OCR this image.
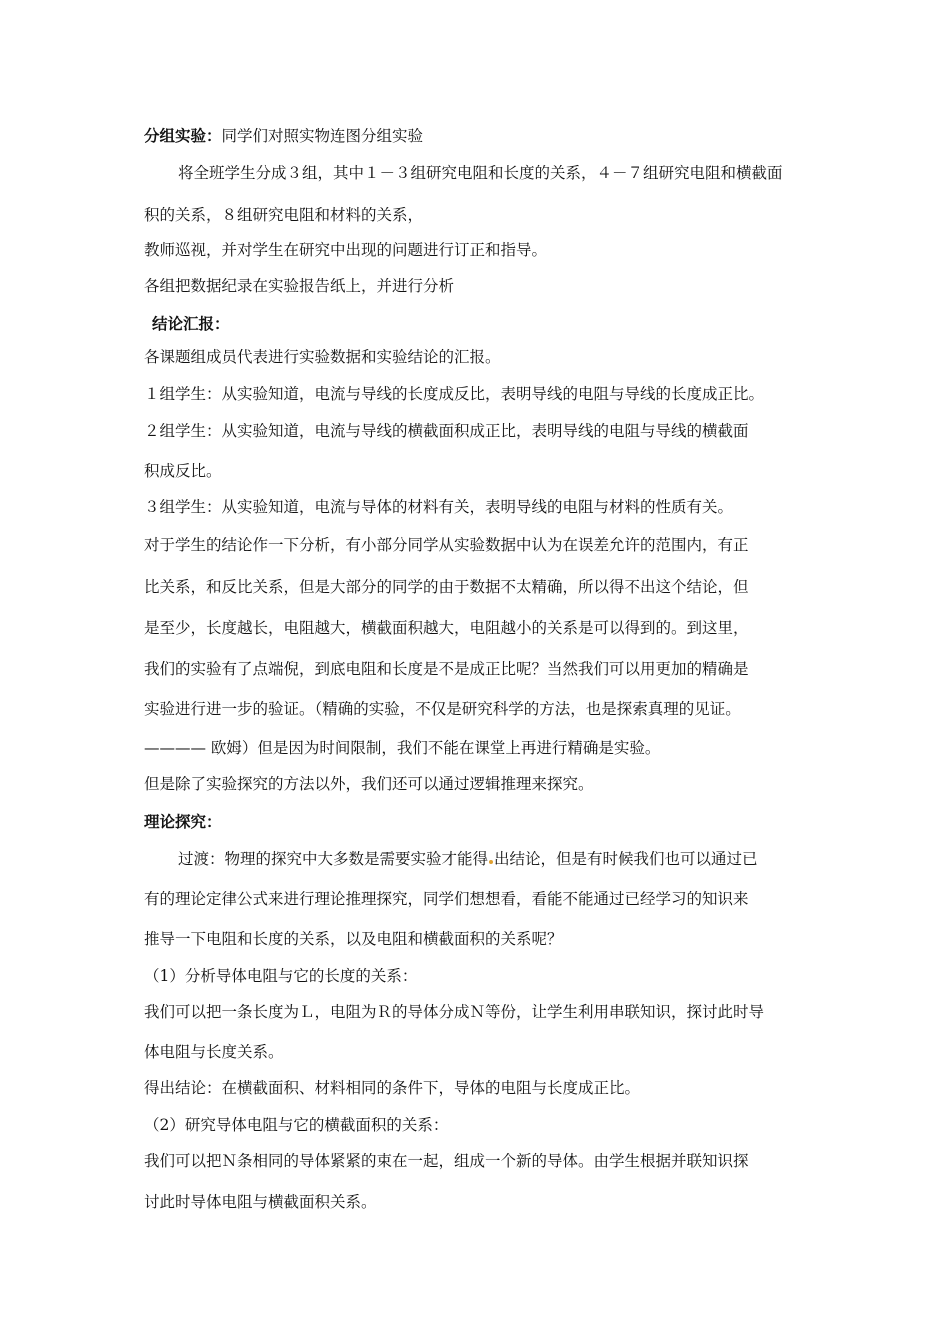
分组实验：同学们对照实物连图分组实验
将全班学生分成３组，其中１－３组研究电阻和长度的关系，４－７组研究电阻和横截面
积的关系，８组研究电阻和材料的关系，
教师巡视，并对学生在研究中出现的问题进行订正和指导。
各组把数据纪录在实验报告纸上，并进行分析
结论汇报：
各课题组成员代表进行实验数据和实验结论的汇报。
１组学生：从实验知道，电流与导线的长度成反比，表明导线的电阻与导线的长度成正比。
２组学生：从实验知道，电流与导线的横截面积成正比，表明导线的电阻与导线的横截面
积成反比。
３组学生：从实验知道，电流与导体的材料有关，表明导线的电阻与材料的性质有关。
对于学生的结论作一下分析，有小部分同学从实验数据中认为在误差允许的范围内，有正
比关系，和反比关系，但是大部分的同学的由于数据不太精确，所以得不出这个结论，但
是至少，长度越长，电阻越大，横截面积越大，电阻越小的关系是可以得到的。到这里，
我们的实验有了点端倪，到底电阻和长度是不是成正比呢？当然我们可以用更加的精确是
实验进行进一步的验证。（精确的实验，不仅是研究科学的方法，也是探索真理的见证。
———— 欧姆）但是因为时间限制，我们不能在课堂上再进行精确是实验。
但是除了实验探究的方法以外，我们还可以通过逻辑推理来探究。
理论探究：
过渡：物理的探究中大多数是需要实验才能得 出结论，但是有时候我们也可以通过已
有的理论定律公式来进行理论推理探究，同学们想想看，看能不能通过已经学习的知识来
推导一下电阻和长度的关系，以及电阻和横截面积的关系呢？
（1）分析导体电阻与它的长度的关系：
我们可以把一条长度为Ｌ，电阻为Ｒ的导体分成Ｎ等份，让学生利用串联知识，探讨此时导
体电阻与长度关系。
得出结论：在横截面积、材料相同的条件下，导体的电阻与长度成正比。
（2）研究导体电阻与它的横截面积的关系：
我们可以把Ｎ条相同的导体紧紧的束在一起，组成一个新的导体。由学生根据并联知识探
讨此时导体电阻与横截面积关系。
